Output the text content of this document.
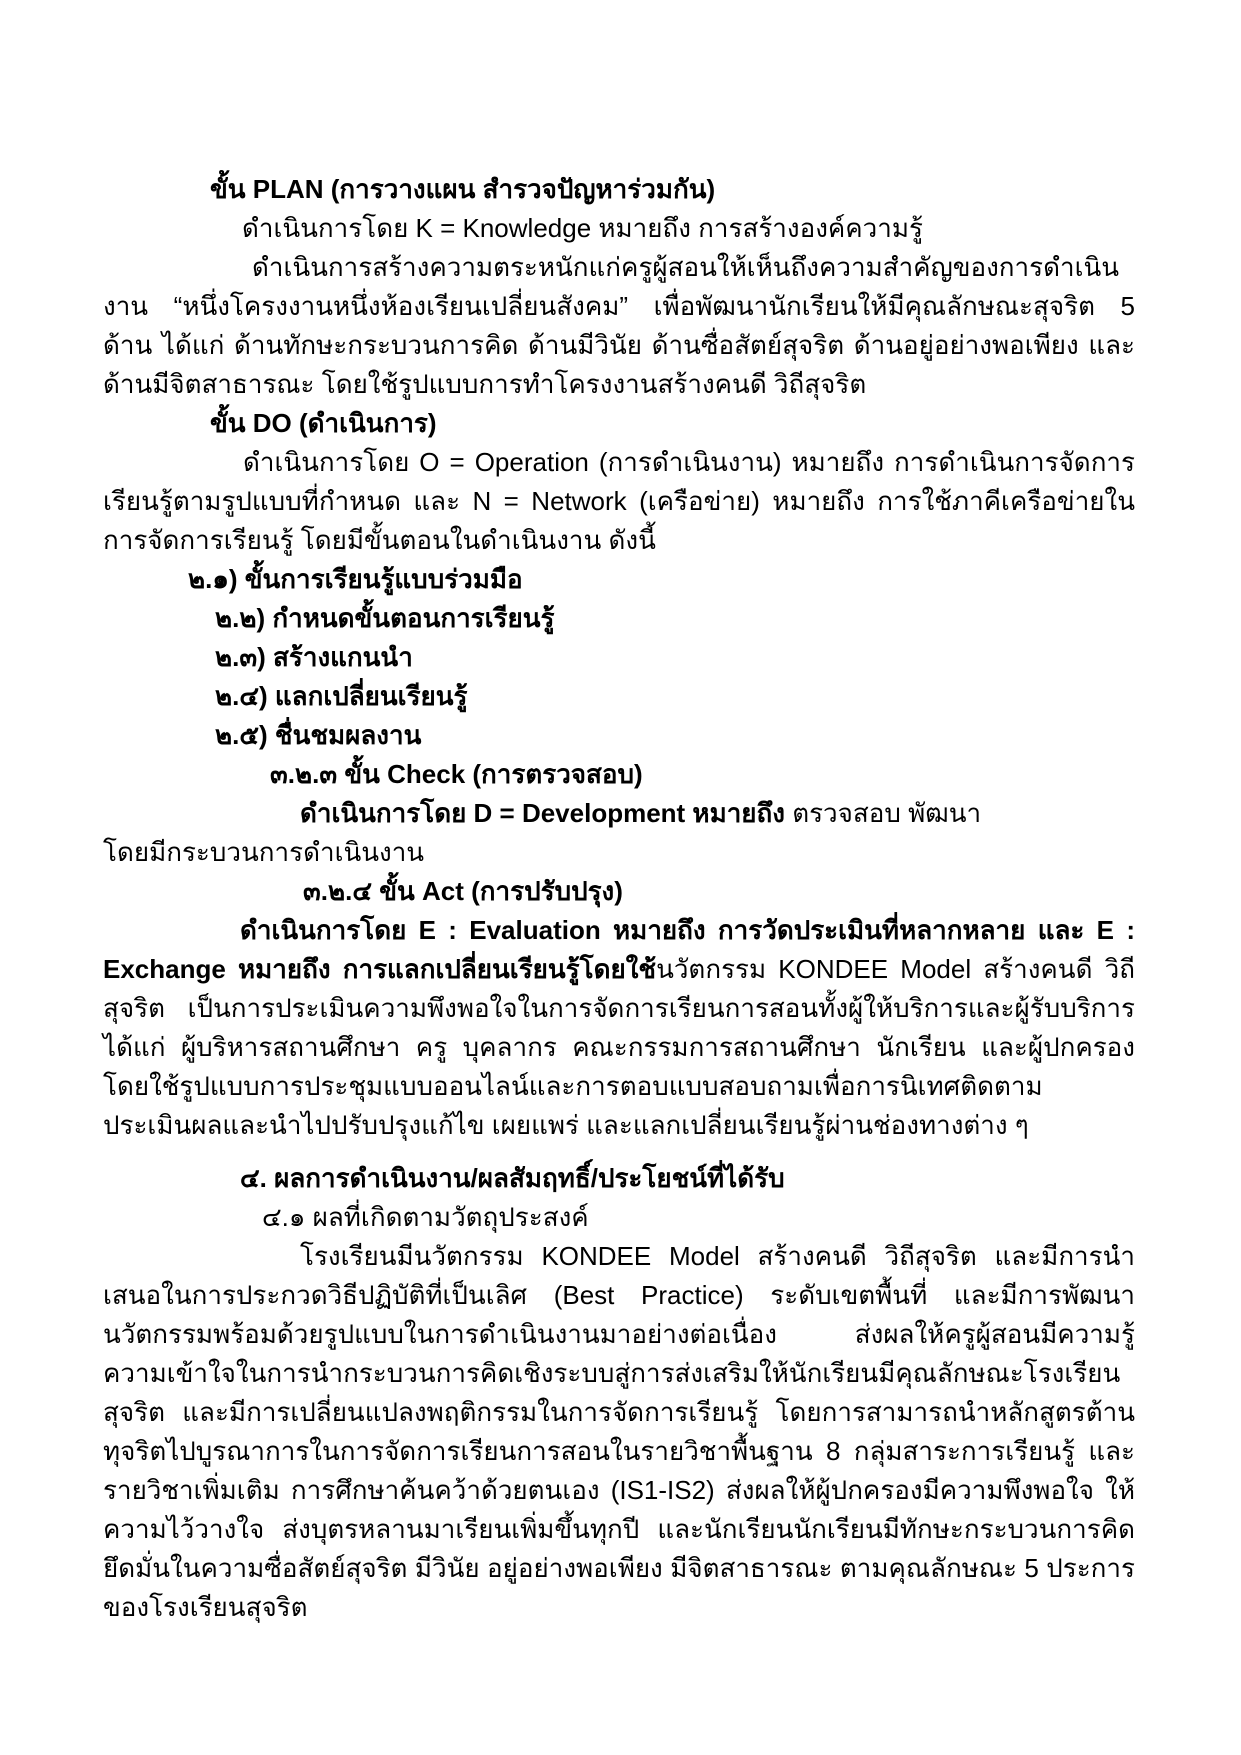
ขั้น PLAN (การวางแผน สำรวจปัญหาร่วมกัน)

ดำเนินการโดย K = Knowledge หมายถึง การสร้างองค์ความรู้

ดำเนินการสร้างความตระหนักแก่ครูผู้สอนให้เห็นถึงความสำคัญของการดำเนินงาน “หนึ่งโครงงานหนึ่งห้องเรียนเปลี่ยนสังคม” เพื่อพัฒนานักเรียนให้มีคุณลักษณะสุจริต 5 ด้าน ได้แก่ ด้านทักษะกระบวนการคิด ด้านมีวินัย ด้านซื่อสัตย์สุจริต ด้านอยู่อย่างพอเพียง และด้านมีจิตสาธารณะ โดยใช้รูปแบบการทำโครงงานสร้างคนดี วิถีสุจริต

ขั้น DO (ดำเนินการ)

ดำเนินการโดย O = Operation (การดำเนินงาน) หมายถึง การดำเนินการจัดการเรียนรู้ตามรูปแบบที่กำหนด และ N = Network (เครือข่าย) หมายถึง การใช้ภาคีเครือข่ายในการจัดการเรียนรู้ โดยมีขั้นตอนในดำเนินงาน ดังนี้

๒.๑) ขั้นการเรียนรู้แบบร่วมมือ

๒.๒) กำหนดขั้นตอนการเรียนรู้

๒.๓) สร้างแกนนำ

๒.๔) แลกเปลี่ยนเรียนรู้

๒.๕) ชื่นชมผลงาน

๓.๒.๓ ขั้น Check (การตรวจสอบ)

ดำเนินการโดย D = Development หมายถึง ตรวจสอบ พัฒนา

โดยมีกระบวนการดำเนินงาน

๓.๒.๔ ขั้น Act (การปรับปรุง)

ดำเนินการโดย E : Evaluation หมายถึง การวัดประเมินที่หลากหลาย และ E : Exchange หมายถึง การแลกเปลี่ยนเรียนรู้โดยใช้นวัตกรรม KONDEE Model สร้างคนดี วิถีสุจริต เป็นการประเมินความพึงพอใจในการจัดการเรียนการสอนทั้งผู้ให้บริการและผู้รับบริการ ได้แก่ ผู้บริหารสถานศึกษา ครู บุคลากร คณะกรรมการสถานศึกษา นักเรียน และผู้ปกครอง โดยใช้รูปแบบการประชุมแบบออนไลน์และการตอบแบบสอบถามเพื่อการนิเทศติดตาม ประเมินผลและนำไปปรับปรุงแก้ไข เผยแพร่ และแลกเปลี่ยนเรียนรู้ผ่านช่องทางต่าง ๆ

๔. ผลการดำเนินงาน/ผลสัมฤทธิ์/ประโยชน์ที่ได้รับ

๔.๑ ผลที่เกิดตามวัตถุประสงค์

โรงเรียนมีนวัตกรรม KONDEE Model สร้างคนดี วิถีสุจริต และมีการนำเสนอในการประกวดวิธีปฏิบัติที่เป็นเลิศ (Best Practice) ระดับเขตพื้นที่ และมีการพัฒนานวัตกรรมพร้อมด้วยรูปแบบในการดำเนินงานมาอย่างต่อเนื่อง ส่งผลให้ครูผู้สอนมีความรู้ ความเข้าใจในการนำกระบวนการคิดเชิงระบบสู่การส่งเสริมให้นักเรียนมีคุณลักษณะโรงเรียนสุจริต และมีการเปลี่ยนแปลงพฤติกรรมในการจัดการเรียนรู้ โดยการสามารถนำหลักสูตรต้านทุจริตไปบูรณาการในการจัดการเรียนการสอนในรายวิชาพื้นฐาน 8 กลุ่มสาระการเรียนรู้ และรายวิชาเพิ่มเติม การศึกษาค้นคว้าด้วยตนเอง (IS1-IS2) ส่งผลให้ผู้ปกครองมีความพึงพอใจ ให้ความไว้วางใจ ส่งบุตรหลานมาเรียนเพิ่มขึ้นทุกปี และนักเรียนนักเรียนมีทักษะกระบวนการคิด ยึดมั่นในความซื่อสัตย์สุจริต มีวินัย อยู่อย่างพอเพียง มีจิตสาธารณะ ตามคุณลักษณะ 5 ประการของโรงเรียนสุจริต
